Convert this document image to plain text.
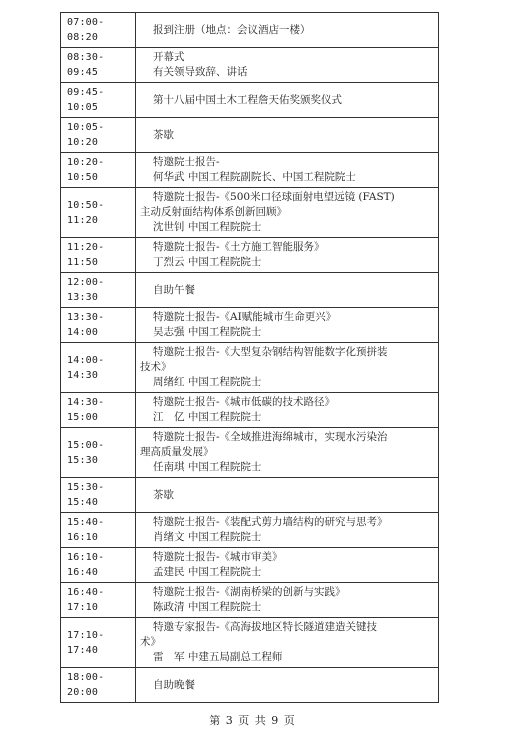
07:00-08:20	报到注册（地点：会议酒店一楼）

08:30-09:45	开幕式
有关领导致辞、讲话

09:45-10:05	第十八届中国土木工程詹天佑奖颁奖仪式

10:05-10:20	茶歇

10:20-10:50	特邀院士报告-
何华武 中国工程院副院长、中国工程院院士

10:50-11:20	特邀院士报告-《500米口径球面射电望远镜 (FAST)
主动反射面结构体系创新回顾》
沈世钊 中国工程院院士

11:20-11:50	特邀院士报告-《土方施工智能服务》
丁烈云 中国工程院院士

12:00-13:30	自助午餐

13:30-14:00	特邀院士报告-《AI赋能城市生命更兴》
吴志强 中国工程院院士

14:00-14:30	特邀院士报告-《大型复杂钢结构智能数字化预拼装
技术》
周绪红 中国工程院院士

14:30-15:00	特邀院士报告-《城市低碳的技术路径》
江　亿 中国工程院院士

15:00-15:30	特邀院士报告-《全域推进海绵城市，实现水污染治
理高质量发展》
任南琪 中国工程院院士

15:30-15:40	茶歇

15:40-16:10	特邀院士报告-《装配式剪力墙结构的研究与思考》
肖绪文 中国工程院院士

16:10-16:40	特邀院士报告-《城市审美》
孟建民 中国工程院院士

16:40-17:10	特邀院士报告-《湖南桥梁的创新与实践》
陈政清 中国工程院院士

17:10-17:40	特邀专家报告-《高海拔地区特长隧道建造关键技
术》
雷　军 中建五局副总工程师

18:00-20:00	自助晚餐
第 3 页 共 9 页
